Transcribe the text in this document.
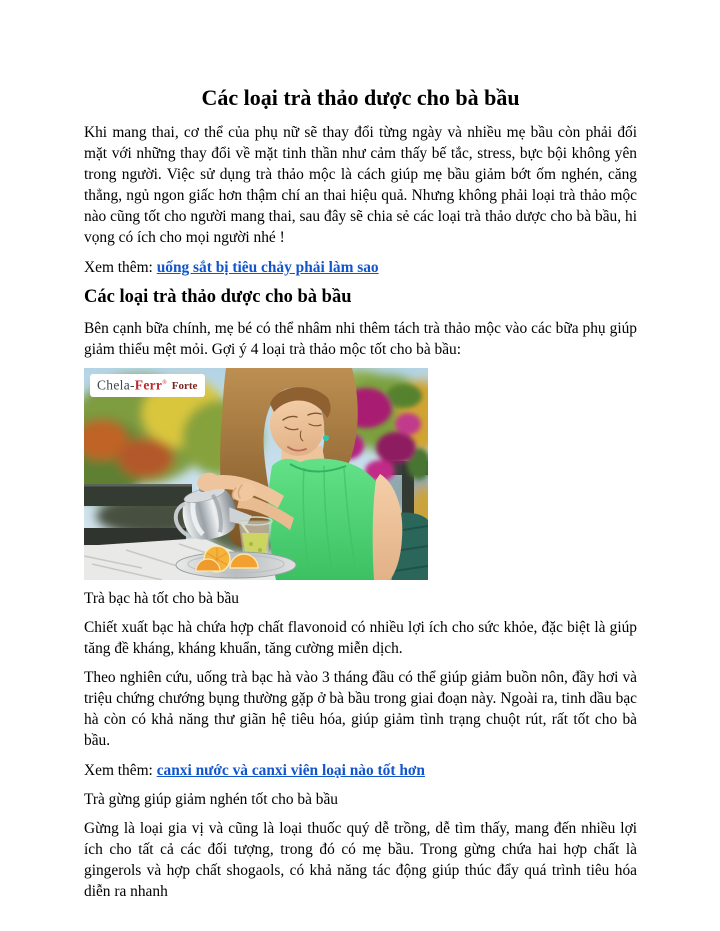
Các loại trà thảo dược cho bà bầu

Khi mang thai, cơ thể của phụ nữ sẽ thay đổi từng ngày và nhiều mẹ bầu còn phải đối mặt với những thay đổi về mặt tinh thần như cảm thấy bế tắc, stress, bực bội không yên trong người. Việc sử dụng trà thảo mộc là cách giúp mẹ bầu giảm bớt ốm nghén, căng thẳng, ngủ ngon giấc hơn thậm chí an thai hiệu quả. Nhưng không phải loại trà thảo mộc nào cũng tốt cho người mang thai, sau đây sẽ chia sẻ các loại trà thảo dược cho bà bầu, hi vọng có ích cho mọi người nhé !

Xem thêm: uống sắt bị tiêu chảy phải làm sao

Các loại trà thảo dược cho bà bầu

Bên cạnh bữa chính, mẹ bé có thể nhâm nhi thêm tách trà thảo mộc vào các bữa phụ giúp giảm thiểu mệt mỏi. Gợi ý 4 loại trà thảo mộc tốt cho bà bầu:

Chela-Ferr® Forte

Trà bạc hà tốt cho bà bầu

Chiết xuất bạc hà chứa hợp chất flavonoid có nhiều lợi ích cho sức khỏe, đặc biệt là giúp tăng đề kháng, kháng khuẩn, tăng cường miễn dịch.

Theo nghiên cứu, uống trà bạc hà vào 3 tháng đầu có thể giúp giảm buồn nôn, đầy hơi và triệu chứng chướng bụng thường gặp ở bà bầu trong giai đoạn này. Ngoài ra, tinh dầu bạc hà còn có khả năng thư giãn hệ tiêu hóa, giúp giảm tình trạng chuột rút, rất tốt cho bà bầu.

Xem thêm: canxi nước và canxi viên loại nào tốt hơn

Trà gừng giúp giảm nghén tốt cho bà bầu

Gừng là loại gia vị và cũng là loại thuốc quý dễ trồng, dễ tìm thấy, mang đến nhiều lợi ích cho tất cả các đối tượng, trong đó có mẹ bầu. Trong gừng chứa hai hợp chất là gingerols và hợp chất shogaols, có khả năng tác động giúp thúc đẩy quá trình tiêu hóa diễn ra nhanh
